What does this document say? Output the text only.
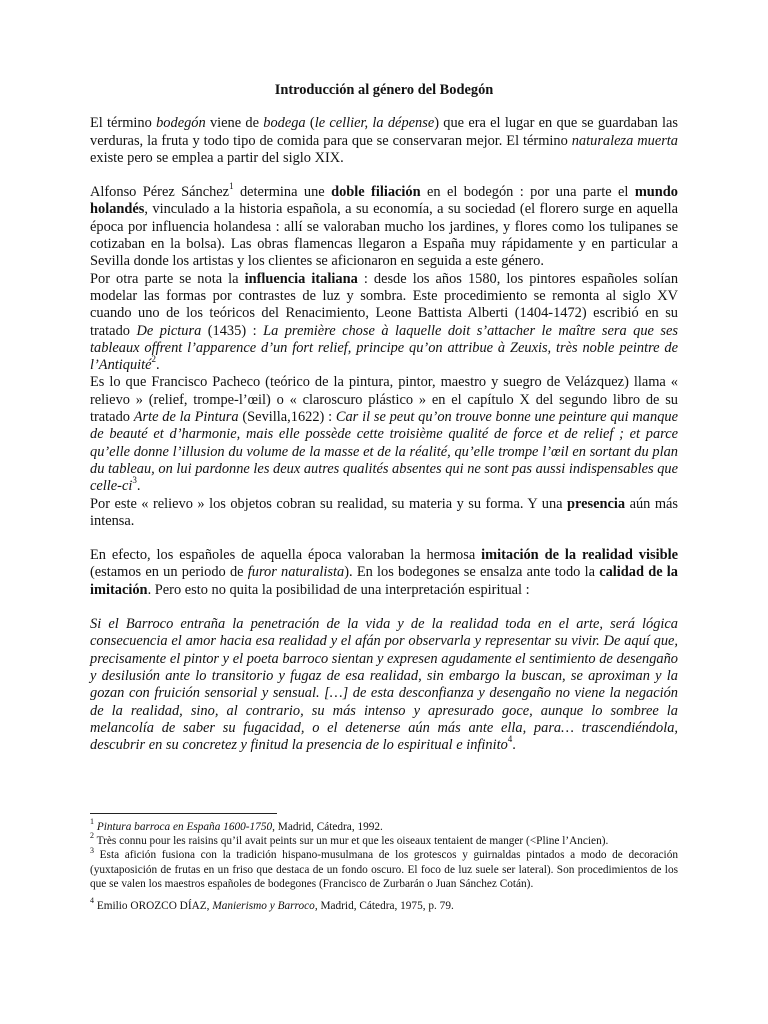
Introducción al género del Bodegón

El término bodegón viene de bodega (le cellier, la dépense) que era el lugar en que se guardaban las verduras, la fruta y todo tipo de comida para que se conservaran mejor. El término naturaleza muerta existe pero se emplea a partir del siglo XIX.

Alfonso Pérez Sánchez$^1$ determina une doble filiación en el bodegón : por una parte el mundo holandés, vinculado a la historia española, a su economía, a su sociedad (el florero surge en aquella época por influencia holandesa : allí se valoraban mucho los jardines, y flores como los tulipanes se cotizaban en la bolsa). Las obras flamencas llegaron a España muy rápidamente y en particular a Sevilla donde los artistas y los clientes se aficionaron en seguida a este género.

Por otra parte se nota la influencia italiana : desde los años 1580, los pintores españoles solían modelar las formas por contrastes de luz y sombra. Este procedimiento se remonta al siglo XV cuando uno de los teóricos del Renacimiento, Leone Battista Alberti (1404-1472) escribió en su tratado De pictura (1435) : La première chose à laquelle doit s’attacher le maître sera que ses tableaux offrent l’apparence d’un fort relief, principe qu’on attribue à Zeuxis, très noble peintre de l’Antiquité$^2$.

Es lo que Francisco Pacheco (teórico de la pintura, pintor, maestro y suegro de Velázquez) llama « relievo » (relief, trompe-l’œil) o « claroscuro plástico » en el capítulo X del segundo libro de su tratado Arte de la Pintura (Sevilla,1622) : Car il se peut qu’on trouve bonne une peinture qui manque de beauté et d’harmonie, mais elle possède cette troisième qualité de force et de relief ; et parce qu’elle donne l’illusion du volume de la masse et de la réalité, qu’elle trompe l’œil en sortant du plan du tableau, on lui pardonne les deux autres qualités absentes qui ne sont pas aussi indispensables que celle-$ci^3$.

Por este « relievo » los objetos cobran su realidad, su materia y su forma. Y una presencia aún más intensa.

En efecto, los españoles de aquella época valoraban la hermosa imitación de la realidad visible (estamos en un periodo de furor naturalista). En los bodegones se ensalza ante todo la calidad de la imitación. Pero esto no quita la posibilidad de una interpretación espiritual :

Si el Barroco entraña la penetración de la vida y de la realidad toda en el arte, será lógica consecuencia el amor hacia esa realidad y el afán por observarla y representar su vivir. De aquí que, precisamente el pintor y el poeta barroco sientan y expresen agudamente el sentimiento de desengaño y desilusión ante lo transitorio y fugaz de esa realidad, sin embargo la buscan, se aproximan y la gozan con fruición sensorial y sensual. […] de esta desconfianza y desengaño no viene la negación de la realidad, sino, al contrario, su más intenso y apresurado goce, aunque lo sombree la melancolía de saber su fugacidad, o el detenerse aún más ante ella, para… trascendiéndola, descubrir en su concretez y finitud la presencia de lo espiritual e infinito$^4$.

$^1$ Pintura barroca en España 1600-1750, Madrid, Cátedra, 1992.

$^2$ Très connu pour les raisins qu’il avait peints sur un mur et que les oiseaux tentaient de manger (<Pline l’Ancien).

$^3$ Esta afición fusiona con la tradición hispano-musulmana de los grotescos y guirnaldas pintados a modo de decoración (yuxtaposición de frutas en un friso que destaca de un fondo oscuro. El foco de luz suele ser lateral). Son procedimientos de los que se valen los maestros españoles de bodegones (Francisco de Zurbarán o Juan Sánchez Cotán).

$^4$ Emilio OROZCO DÍAZ, Manierismo y Barroco, Madrid, Cátedra, 1975, p. 79.
